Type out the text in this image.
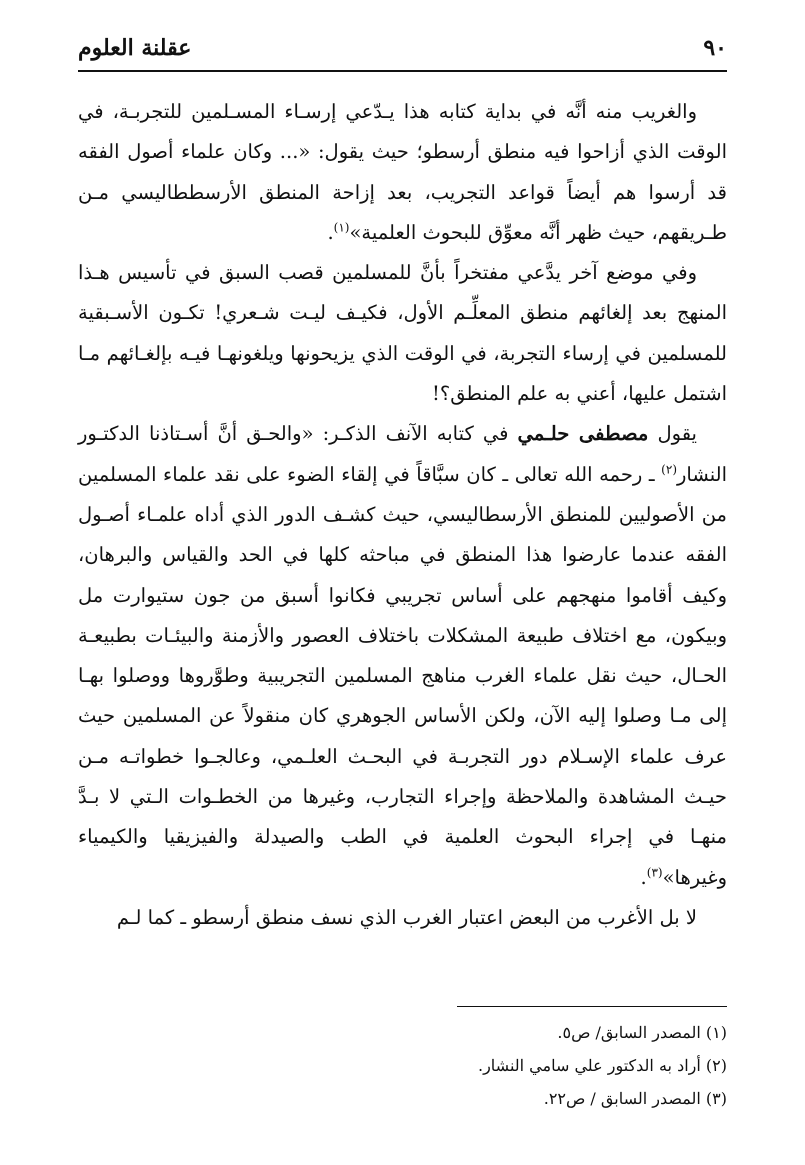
٩٠
عقلنة العلوم

والغريب منه أنَّه في بداية كتابه هذا يـدّعي إرسـاء المسـلمين للتجربـة، في الوقت الذي أزاحوا فيه منطق أرسطو؛ حيث يقول: «... وكان علماء أصول الفقه قد أرسوا هم أيضاً قواعد التجريب، بعد إزاحة المنطق الأرسططاليسي مـن طـريقهم، حيث ظهر أنَّه معوِّق للبحوث العلمية»$^{(١)}$.

وفي موضع آخر يدَّعي مفتخراً بأنَّ للمسلمين قصب السبق في تأسيس هـذا المنهج بعد إلغائهم منطق المعلِّـم الأول، فكيـف ليـت شـعري! تكـون الأسـبقية للمسلمين في إرساء التجربة، في الوقت الذي يزيحونها ويلغونهـا فيـه بإلغـائهم مـا اشتمل عليها، أعني به علم المنطق؟!

يقول مصطفى حلـمي في كتابه الآنف الذكـر: «والحـق أنَّ أسـتاذنا الدكتـور النشار$^{(٢)}$ ـ رحمه الله تعالى ـ كان سبَّاقاً في إلقاء الضوء على نقد علماء المسلمين من الأصوليين للمنطق الأرسطاليسي، حيث كشـف الدور الذي أداه علمـاء أصـول الفقه عندما عارضوا هذا المنطق في مباحثه كلها في الحد والقياس والبرهان، وكيف أقاموا منهجهم على أساس تجريبي فكانوا أسبق من جون ستيوارت مل وبيكون، مع اختلاف طبيعة المشكلات باختلاف العصور والأزمنة والبيئـات بطبيعـة الحـال، حيث نقل علماء الغرب مناهج المسلمين التجريبية وطوَّروها ووصلوا بهـا إلى مـا وصلوا إليه الآن، ولكن الأساس الجوهري كان منقولاً عن المسلمين حيث عرف علماء الإسـلام دور التجربـة في البحـث العلـمي، وعالجـوا خطواتـه مـن حيـث المشاهدة والملاحظة وإجراء التجارب، وغيرها من الخطـوات الـتي لا بـدَّ منهـا في إجراء البحوث العلمية في الطب والصيدلة والفيزيقيا والكيمياء وغيرها»$^{(٣)}$.

لا بل الأغرب من البعض اعتبار الغرب الذي نسف منطق أرسطو ـ كما لـم

(١) المصدر السابق/ ص٥.
(٢) أراد به الدكتور علي سامي النشار.
(٣) المصدر السابق / ص٢٢.
